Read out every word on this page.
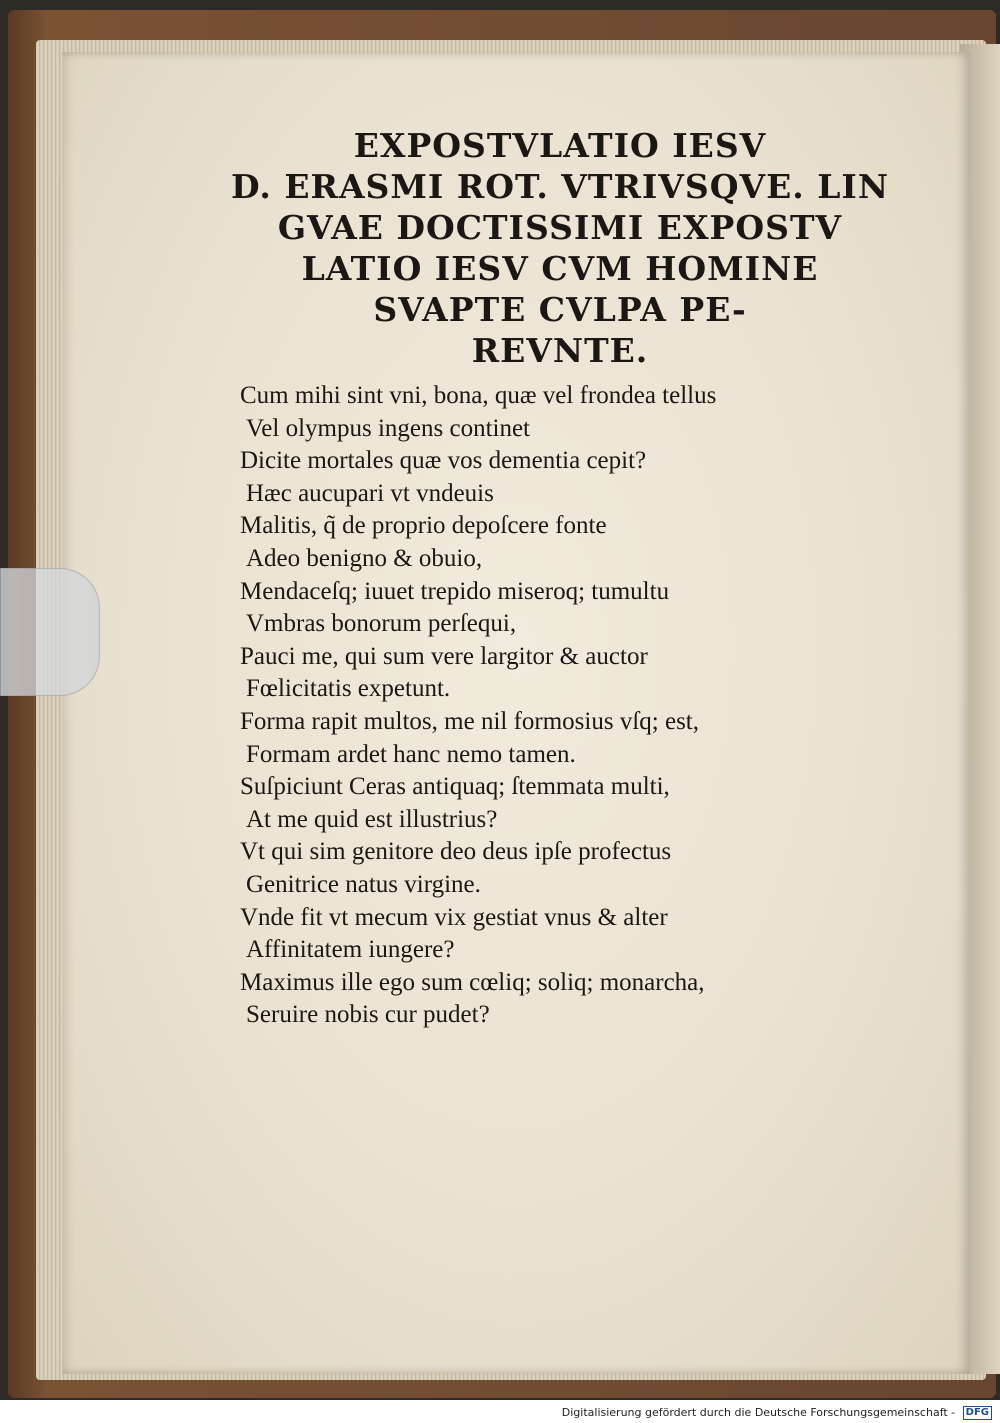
EXPOSTVLATIO IESV
D. ERASMI ROT. VTRIVSQVE. LIN
GVAE DOCTISSIMI EXPOSTV
LATIO IESV CVM HOMINE
SVAPTE CVLPA PE-
REVNTE.
Cum mihi sint vni, bona, quæ vel frondea tellus
Vel olympus ingens continet
Dicite mortales quæ vos dementia cepit?
Hæc aucupari vt vndeuis
Malitis, q̃ de proprio depoſcere fonte
Adeo benigno & obuio,
Mendaceſq; iuuet trepido miseroq; tumultu
Vmbras bonorum perſequi,
Pauci me, qui sum vere largitor & auctor
Fœlicitatis expetunt.
Forma rapit multos, me nil formosius vſq; est,
Formam ardet hanc nemo tamen.
Suſpiciunt Ceras antiquaq; ſtemmata multi,
At me quid est illustrius?
Vt qui sim genitore deo deus ipſe profectus
Genitrice natus virgine.
Vnde fit vt mecum vix gestiat vnus & alter
Affinitatem iungere?
Maximus ille ego sum cœliq; soliq; monarcha,
Seruire nobis cur pudet?
Digitalisierung gefördert durch die Deutsche Forschungsgemeinschaft - DFG
